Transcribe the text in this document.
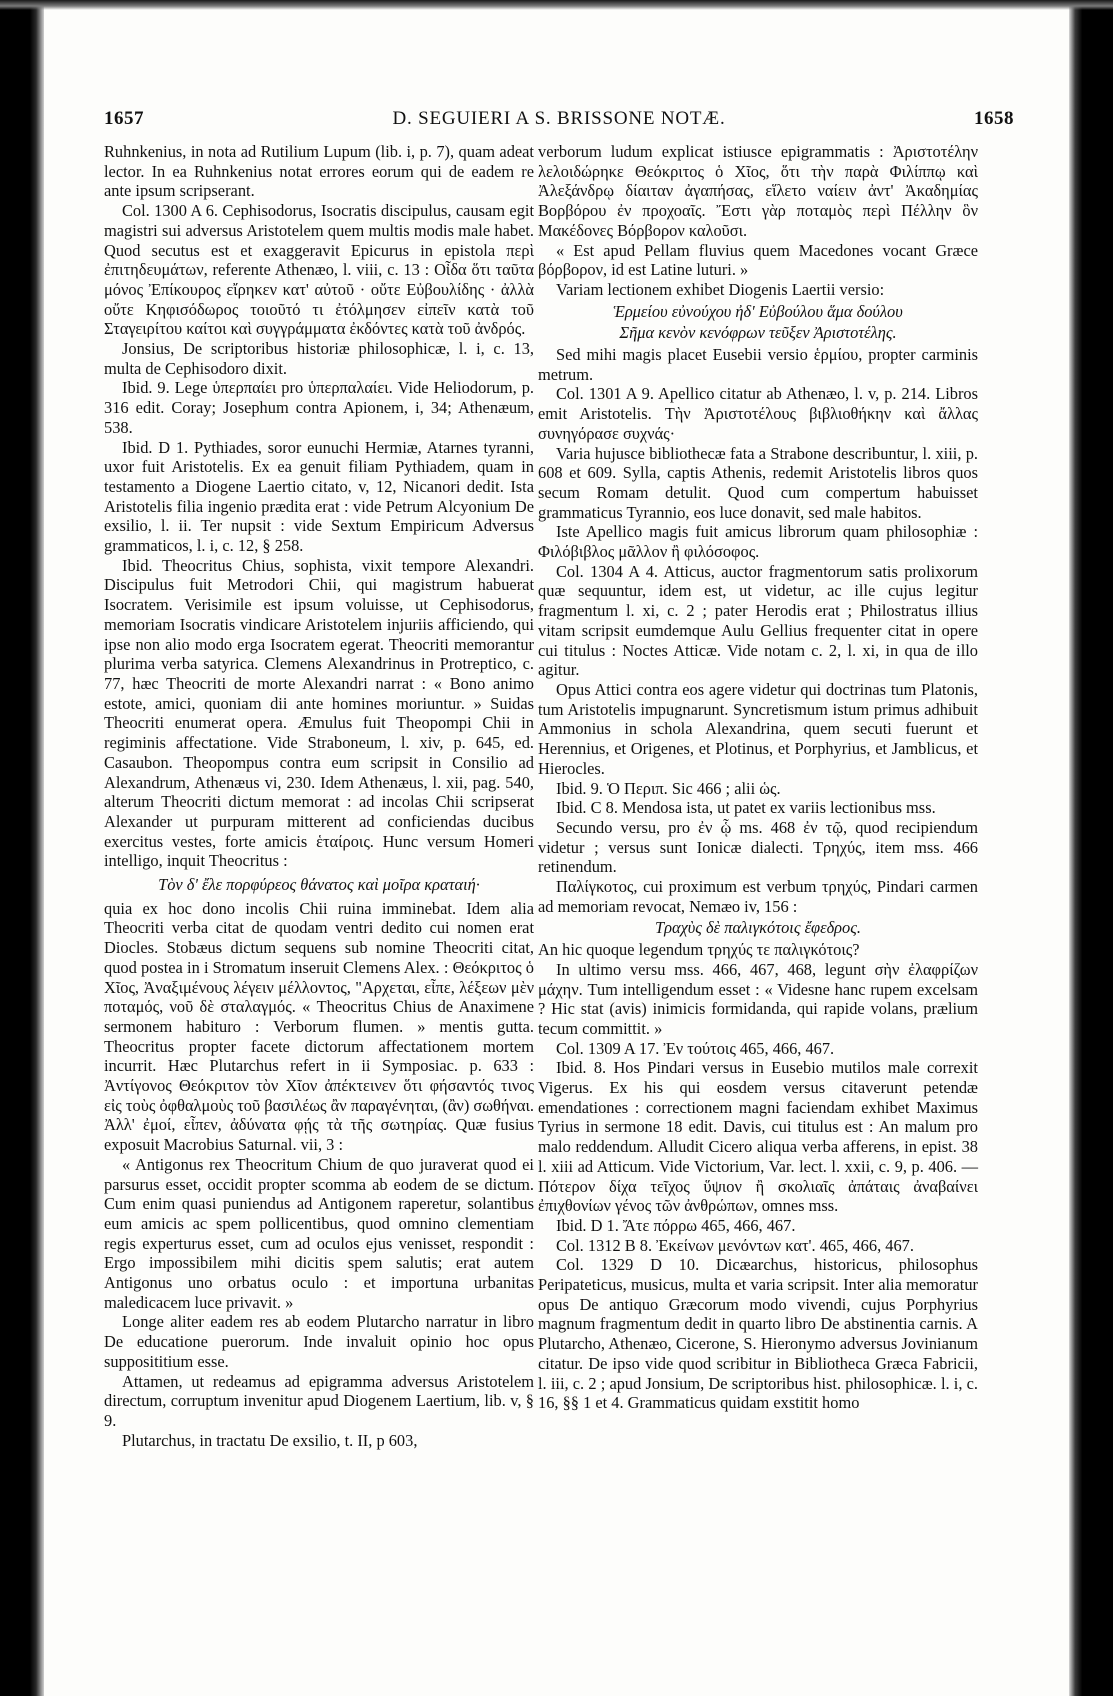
1657	D. SEGUIERI A S. BRISSONE NOTÆ.	1658

Ruhnkenius, in nota ad Rutilium Lupum (lib. i, p. 7), quam adeat lector. In ea Ruhnkenius notat errores eorum qui de eadem re ante ipsum scripserant.

Col. 1300 A 6. Cephisodorus, Isocratis discipulus, causam egit magistri sui adversus Aristotelem quem multis modis male habet. Quod secutus est et exaggeravit Epicurus in epistola περὶ ἐπιτηδευμάτων, referente Athenæo, l. viii, c. 13 : Οἶδα ὅτι ταῦτα μόνος Ἐπίκουρος εἴρηκεν κατ' αὐτοῦ · οὔτε Εὐβουλίδης · ἀλλὰ οὔτε Κηφισόδωρος τοιοῦτό τι ἐτόλμησεν εἰπεῖν κατὰ τοῦ Σταγειρίτου καίτοι καὶ συγγράμματα ἐκδόντες κατὰ τοῦ ἀνδρός.

Jonsius, De scriptoribus historiæ philosophicæ, l. i, c. 13, multa de Cephisodoro dixit.

Ibid. 9. Lege ὑπερπαίει pro ὑπερπαλαίει. Vide Heliodorum, p. 316 edit. Coray; Josephum contra Apionem, i, 34; Athenæum, 538.

Ibid. D 1. Pythiades, soror eunuchi Hermiæ, Atarnes tyranni, uxor fuit Aristotelis. Ex ea genuit filiam Pythiadem, quam in testamento a Diogene Laertio citato, v, 12, Nicanori dedit. Ista Aristotelis filia ingenio prædita erat : vide Petrum Alcyonium De exsilio, l. ii. Ter nupsit : vide Sextum Empiricum Adversus grammaticos, l. i, c. 12, § 258.

Ibid. Theocritus Chius, sophista, vixit tempore Alexandri. Discipulus fuit Metrodori Chii, qui magistrum habuerat Isocratem. Verisimile est ipsum voluisse, ut Cephisodorus, memoriam Isocratis vindicare Aristotelem injuriis afficiendo, qui ipse non alio modo erga Isocratem egerat. Theocriti memorantur plurima verba satyrica. Clemens Alexandrinus in Protreptico, c. 77, hæc Theocriti de morte Alexandri narrat : « Bono animo estote, amici, quoniam dii ante homines moriuntur. » Suidas Theocriti enumerat opera. Æmulus fuit Theopompi Chii in regiminis affectatione. Vide Straboneum, l. xiv, p. 645, ed. Casaubon. Theopompus contra eum scripsit in Consilio ad Alexandrum, Athenæus vi, 230. Idem Athenæus, l. xii, pag. 540, alterum Theocriti dictum memorat : ad incolas Chii scripserat Alexander ut purpuram mitterent ad conficiendas ducibus exercitus vestes, forte amicis ἑταίροις. Hunc versum Homeri intelligo, inquit Theocritus :

Τὸν δ' ἔλε πορφύρεος θάνατος καὶ μοῖρα κραταιή·

quia ex hoc dono incolis Chii ruina imminebat. Idem alia Theocriti verba citat de quodam ventri dedito cui nomen erat Diocles. Stobæus dictum sequens sub nomine Theocriti citat, quod postea in i Stromatum inseruit Clemens Alex. : Θεόκριτος ὁ Χῖος, Ἀναξιμένους λέγειν μέλλοντος, "Αρχεται, εἶπε, λέξεων μὲν ποταμός, νοῦ δὲ σταλαγμός. « Theocritus Chius de Anaximene sermonem habituro : Verborum flumen. » mentis gutta. Theocritus propter facete dictorum affectationem mortem incurrit. Hæc Plutarchus refert in ii Symposiac. p. 633 : Ἀντίγονος Θεόκριτον τὸν Χῖον ἀπέκτεινεν ὅτι φήσαντός τινος εἰς τοὺς ὀφθαλμοὺς τοῦ βασιλέως ἂν παραγένηται, (ἂν) σωθήναι. Ἀλλ' ἐμοί, εἶπεν, ἀδύνατα φῄς τὰ τῆς σωτηρίας. Quæ fusius exposuit Macrobius Saturnal. vii, 3 :

« Antigonus rex Theocritum Chium de quo juraverat quod ei parsurus esset, occidit propter scomma ab eodem de se dictum. Cum enim quasi puniendus ad Antigonem raperetur, solantibus eum amicis ac spem pollicentibus, quod omnino clementiam regis experturus esset, cum ad oculos ejus venisset, respondit : Ergo impossibilem mihi dicitis spem salutis; erat autem Antigonus uno orbatus oculo : et importuna urbanitas maledicacem luce privavit. »

Longe aliter eadem res ab eodem Plutarcho narratur in libro De educatione puerorum. Inde invaluit opinio hoc opus supposititium esse.

Attamen, ut redeamus ad epigramma adversus Aristotelem directum, corruptum invenitur apud Diogenem Laertium, lib. v, § 9.

Plutarchus, in tractatu De exsilio, t. II, p 603,

verborum ludum explicat istiusce epigrammatis : Ἀριστοτέλην λελοιδώρηκε Θεόκριτος ὁ Χῖος, ὅτι τὴν παρὰ Φιλίππῳ καὶ Ἀλεξάνδρῳ δίαιταν ἀγαπήσας, εἵλετο ναίειν ἀντ' Ἀκαδημίας Βορβόρου ἐν προχοαῖς. Ἔστι γὰρ ποταμὸς περὶ Πέλλην ὃν Μακέδονες Βόρβορον καλοῦσι.

« Est apud Pellam fluvius quem Macedones vocant Græce βόρβορον, id est Latine luturi. »

Variam lectionem exhibet Diogenis Laertii versio:

Ἑρμείου εὐνούχου ἠδ' Εὐβούλου ἅμα δούλου

Σῆμα κενὸν κενόφρων τεῦξεν Ἀριστοτέλης.

Sed mihi magis placet Eusebii versio ἑρμίου, propter carminis metrum.

Col. 1301 A 9. Apellico citatur ab Athenæo, l. v, p. 214. Libros emit Aristotelis. Τὴν Ἀριστοτέλους βιβλιοθήκην καὶ ἄλλας συνηγόρασε συχνάς·

Varia hujusce bibliothecæ fata a Strabone describuntur, l. xiii, p. 608 et 609. Sylla, captis Athenis, redemit Aristotelis libros quos secum Romam detulit. Quod cum compertum habuisset grammaticus Tyrannio, eos luce donavit, sed male habitos.

Iste Apellico magis fuit amicus librorum quam philosophiæ : Φιλόβιβλος μᾶλλον ἢ φιλόσοφος.

Col. 1304 A 4. Atticus, auctor fragmentorum satis prolixorum quæ sequuntur, idem est, ut videtur, ac ille cujus legitur fragmentum l. xi, c. 2 ; pater Herodis erat ; Philostratus illius vitam scripsit eumdemque Aulu Gellius frequenter citat in opere cui titulus : Noctes Atticæ. Vide notam c. 2, l. xi, in qua de illo agitur.

Opus Attici contra eos agere videtur qui doctrinas tum Platonis, tum Aristotelis impugnarunt. Syncretismum istum primus adhibuit Ammonius in schola Alexandrina, quem secuti fuerunt et Herennius, et Origenes, et Plotinus, et Porphyrius, et Jamblicus, et Hierocles.

Ibid. 9. Ὁ Περιπ. Sic 466 ; alii ὡς.

Ibid. C 8. Mendosa ista, ut patet ex variis lectionibus mss.

Secundo versu, pro ἐν ᾧ ms. 468 ἐν τῷ, quod recipiendum videtur ; versus sunt Ionicæ dialecti. Τρηχύς, item mss. 466 retinendum.

Παλίγκοτος, cui proximum est verbum τρηχύς, Pindari carmen ad memoriam revocat, Nemæo iv, 156 :

Τραχὺς δὲ παλιγκότοις ἔφεδρος.

An hic quoque legendum τρηχύς τε παλιγκότοις?

In ultimo versu mss. 466, 467, 468, legunt σὴν ἐλαφρίζων μάχην. Tum intelligendum esset : « Videsne hanc rupem excelsam ? Hic stat (avis) inimicis formidanda, qui rapide volans, prælium tecum committit. »

Col. 1309 A 17. Ἐν τούτοις 465, 466, 467.

Ibid. 8. Hos Pindari versus in Eusebio mutilos male correxit Vigerus. Ex his qui eosdem versus citaverunt petendæ emendationes : correctionem magni faciendam exhibet Maximus Tyrius in sermone 18 edit. Davis, cui titulus est : An malum pro malo reddendum. Alludit Cicero aliqua verba afferens, in epist. 38 l. xiii ad Atticum. Vide Victorium, Var. lect. l. xxii, c. 9, p. 406. — Πότερον δίχα τεῖχος ὕψιον ἢ σκολιαῖς ἀπάταις ἀναβαίνει ἐπιχθονίων γένος τῶν ἀνθρώπων, omnes mss.

Ibid. D 1. Ἄτε πόρρω 465, 466, 467.

Col. 1312 B 8. Ἐκείνων μενόντων κατ'. 465, 466, 467.

Col. 1329 D 10. Dicæarchus, historicus, philosophus Peripateticus, musicus, multa et varia scripsit. Inter alia memoratur opus De antiquo Græcorum modo vivendi, cujus Porphyrius magnum fragmentum dedit in quarto libro De abstinentia carnis. A Plutarcho, Athenæo, Cicerone, S. Hieronymo adversus Jovinianum citatur. De ipso vide quod scribitur in Bibliotheca Græca Fabricii, l. iii, c. 2 ; apud Jonsium, De scriptoribus hist. philosophicæ. l. i, c. 16, §§ 1 et 4. Grammaticus quidam exstitit homo
